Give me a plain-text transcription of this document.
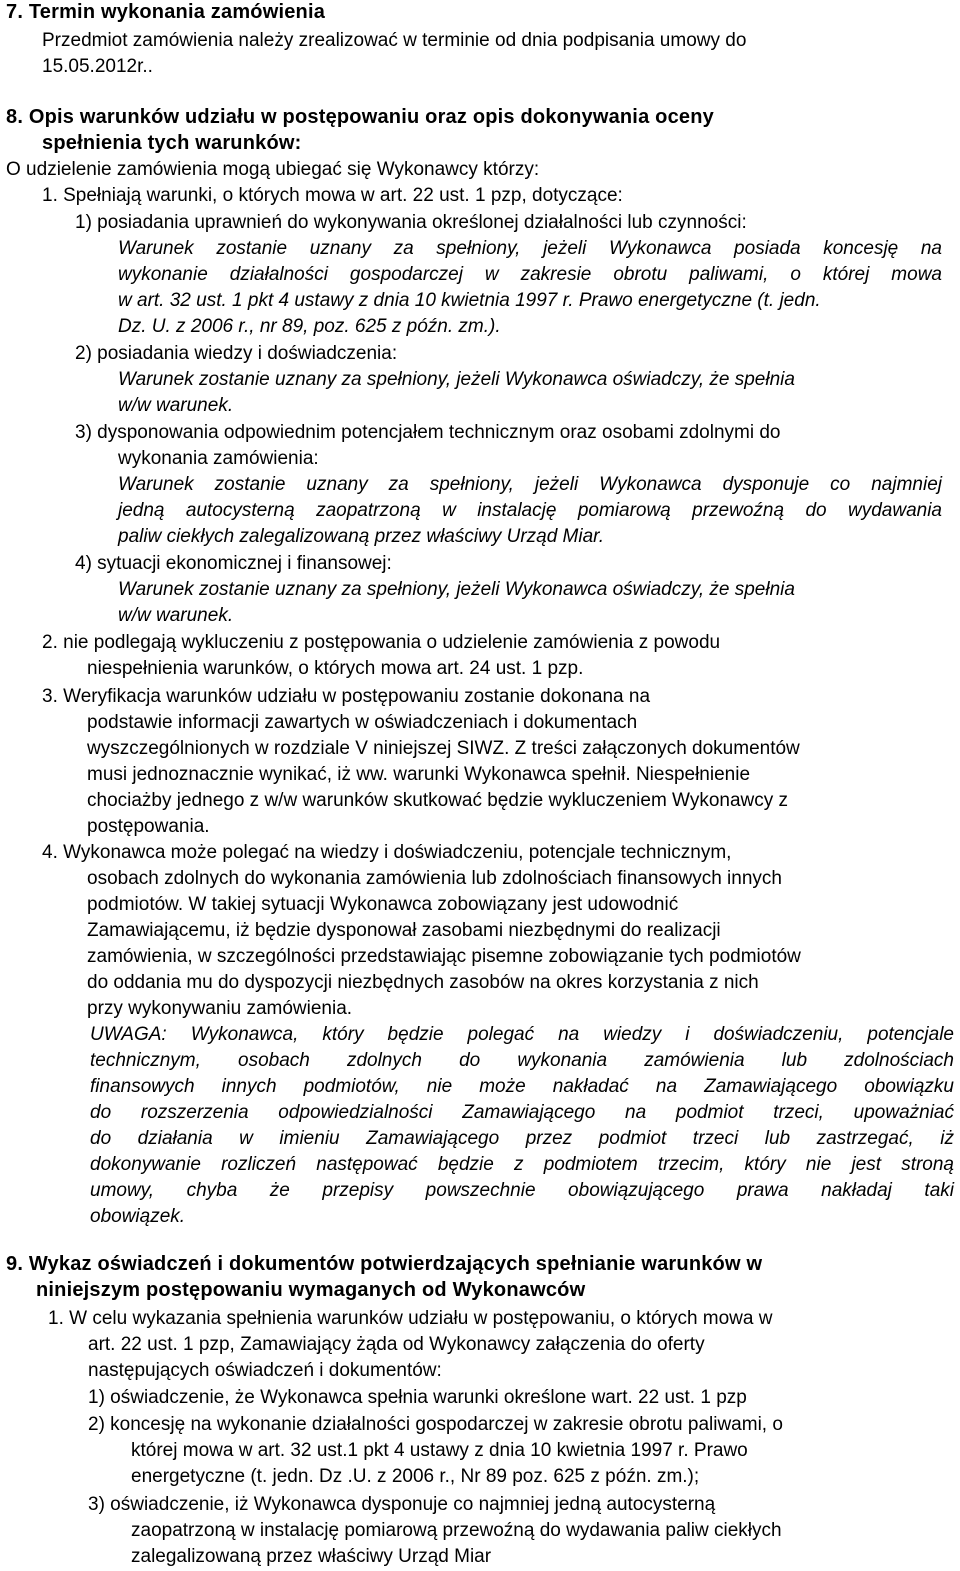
7. Termin wykonania zamówienia
Przedmiot zamówienia należy zrealizować w terminie od dnia podpisania umowy do
15.05.2012r..
8. Opis warunków udziału w postępowaniu oraz opis dokonywania oceny
spełnienia tych warunków:
O udzielenie zamówienia mogą ubiegać się Wykonawcy którzy:
1. Spełniają warunki, o których mowa w art. 22 ust. 1 pzp, dotyczące:
1) posiadania uprawnień do wykonywania określonej działalności lub czynności:
Warunek zostanie uznany za spełniony, jeżeli Wykonawca posiada koncesję na
wykonanie działalności gospodarczej w zakresie obrotu paliwami, o której mowa
w art. 32 ust. 1 pkt 4 ustawy z dnia 10 kwietnia 1997 r. Prawo energetyczne (t. jedn.
Dz. U. z 2006 r., nr 89, poz. 625 z późn. zm.).
2) posiadania wiedzy i doświadczenia:
Warunek zostanie uznany za spełniony, jeżeli Wykonawca oświadczy, że spełnia
w/w warunek.
3) dysponowania odpowiednim potencjałem technicznym oraz osobami zdolnymi do
wykonania zamówienia:
Warunek zostanie uznany za spełniony, jeżeli Wykonawca dysponuje co najmniej
jedną autocysterną zaopatrzoną w instalację pomiarową przewoźną do wydawania
paliw ciekłych zalegalizowaną przez właściwy Urząd Miar.
4) sytuacji ekonomicznej i finansowej:
Warunek zostanie uznany za spełniony, jeżeli Wykonawca oświadczy, że spełnia
w/w warunek.
2. nie podlegają wykluczeniu z postępowania o udzielenie zamówienia z powodu
niespełnienia warunków, o których mowa art. 24 ust. 1 pzp.
3. Weryfikacja warunków udziału w postępowaniu zostanie dokonana na
podstawie informacji zawartych w oświadczeniach i dokumentach
wyszczególnionych w rozdziale V niniejszej SIWZ. Z treści załączonych dokumentów
musi jednoznacznie wynikać, iż ww. warunki Wykonawca spełnił. Niespełnienie
chociażby jednego z w/w warunków skutkować będzie wykluczeniem Wykonawcy z
postępowania.
4. Wykonawca może polegać na wiedzy i doświadczeniu, potencjale technicznym,
osobach zdolnych do wykonania zamówienia lub zdolnościach finansowych innych
podmiotów. W takiej sytuacji Wykonawca zobowiązany jest udowodnić
Zamawiającemu, iż będzie dysponował zasobami niezbędnymi do realizacji
zamówienia, w szczególności przedstawiając pisemne zobowiązanie tych podmiotów
do oddania mu do dyspozycji niezbędnych zasobów na okres korzystania z nich
przy wykonywaniu zamówienia.
UWAGA: Wykonawca, który będzie polegać na wiedzy i doświadczeniu, potencjale
technicznym, osobach zdolnych do wykonania zamówienia lub zdolnościach
finansowych innych podmiotów, nie może nakładać na Zamawiającego obowiązku
do rozszerzenia odpowiedzialności Zamawiającego na podmiot trzeci, upoważniać
do działania w imieniu Zamawiającego przez podmiot trzeci lub zastrzegać, iż
dokonywanie rozliczeń następować będzie z podmiotem trzecim, który nie jest stroną
umowy, chyba że przepisy powszechnie obowiązującego prawa nakładaj taki
obowiązek.
9. Wykaz oświadczeń i dokumentów potwierdzających spełnianie warunków w
niniejszym postępowaniu wymaganych od Wykonawców
1. W celu wykazania spełnienia warunków udziału w postępowaniu, o których mowa w
art. 22 ust. 1 pzp, Zamawiający żąda od Wykonawcy załączenia do oferty
następujących oświadczeń i dokumentów:
1) oświadczenie, że Wykonawca spełnia warunki określone wart. 22 ust. 1 pzp
2) koncesję na wykonanie działalności gospodarczej w zakresie obrotu paliwami, o
której mowa w art. 32 ust.1 pkt 4 ustawy z dnia 10 kwietnia 1997 r. Prawo
energetyczne (t. jedn. Dz .U. z 2006 r., Nr 89 poz. 625 z późn. zm.);
3) oświadczenie, iż Wykonawca dysponuje co najmniej jedną autocysterną
zaopatrzoną w instalację pomiarową przewoźną do wydawania paliw ciekłych
zalegalizowaną przez właściwy Urząd Miar
